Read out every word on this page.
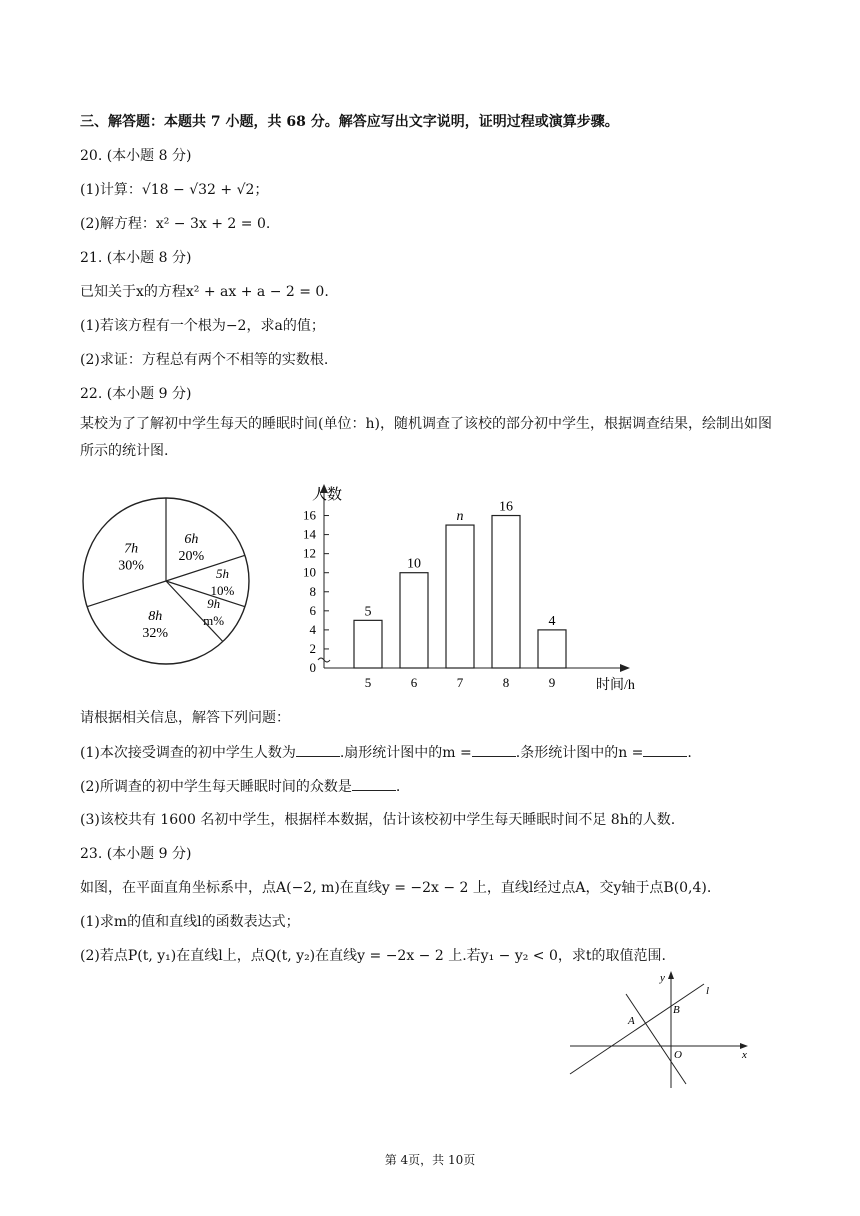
三、解答题：本题共 7 小题，共 68 分。解答应写出文字说明，证明过程或演算步骤。
20. (本小题 8 分)
(1)计算：√18 − √32 + √2；
(2)解方程：x² − 3x + 2 = 0.
21. (本小题 8 分)
已知关于x的方程x² + ax + a − 2 = 0.
(1)若该方程有一个根为−2，求a的值；
(2)求证：方程总有两个不相等的实数根.
22. (本小题 9 分)
某校为了了解初中学生每天的睡眠时间(单位：h)，随机调查了该校的部分初中学生，根据调查结果，绘制出如图所示的统计图.
6h
20%
5h
10%
9h
m%
8h
32%
7h
30%
0
2
4
6
8
10
12
14
16
5
5
10
6
n
7
16
8
4
9
人数
时间/h
请根据相关信息，解答下列问题：
(1)本次接受调查的初中学生人数为	.扇形统计图中的m =	.条形统计图中的n =	.
(2)所调查的初中学生每天睡眠时间的众数是	.
(3)该校共有 1600 名初中学生，根据样本数据，估计该校初中学生每天睡眠时间不足 8h的人数.
23. (本小题 9 分)
如图，在平面直角坐标系中，点A(−2, m)在直线y = −2x − 2 上，直线l经过点A，交y轴于点B(0,4).
(1)求m的值和直线l的函数表达式；
(2)若点P(t, y₁)在直线l上，点Q(t, y₂)在直线y = −2x − 2 上.若y₁ − y₂ < 0，求t的取值范围.
y
x
l
A
B
O
第 4页，共 10页
